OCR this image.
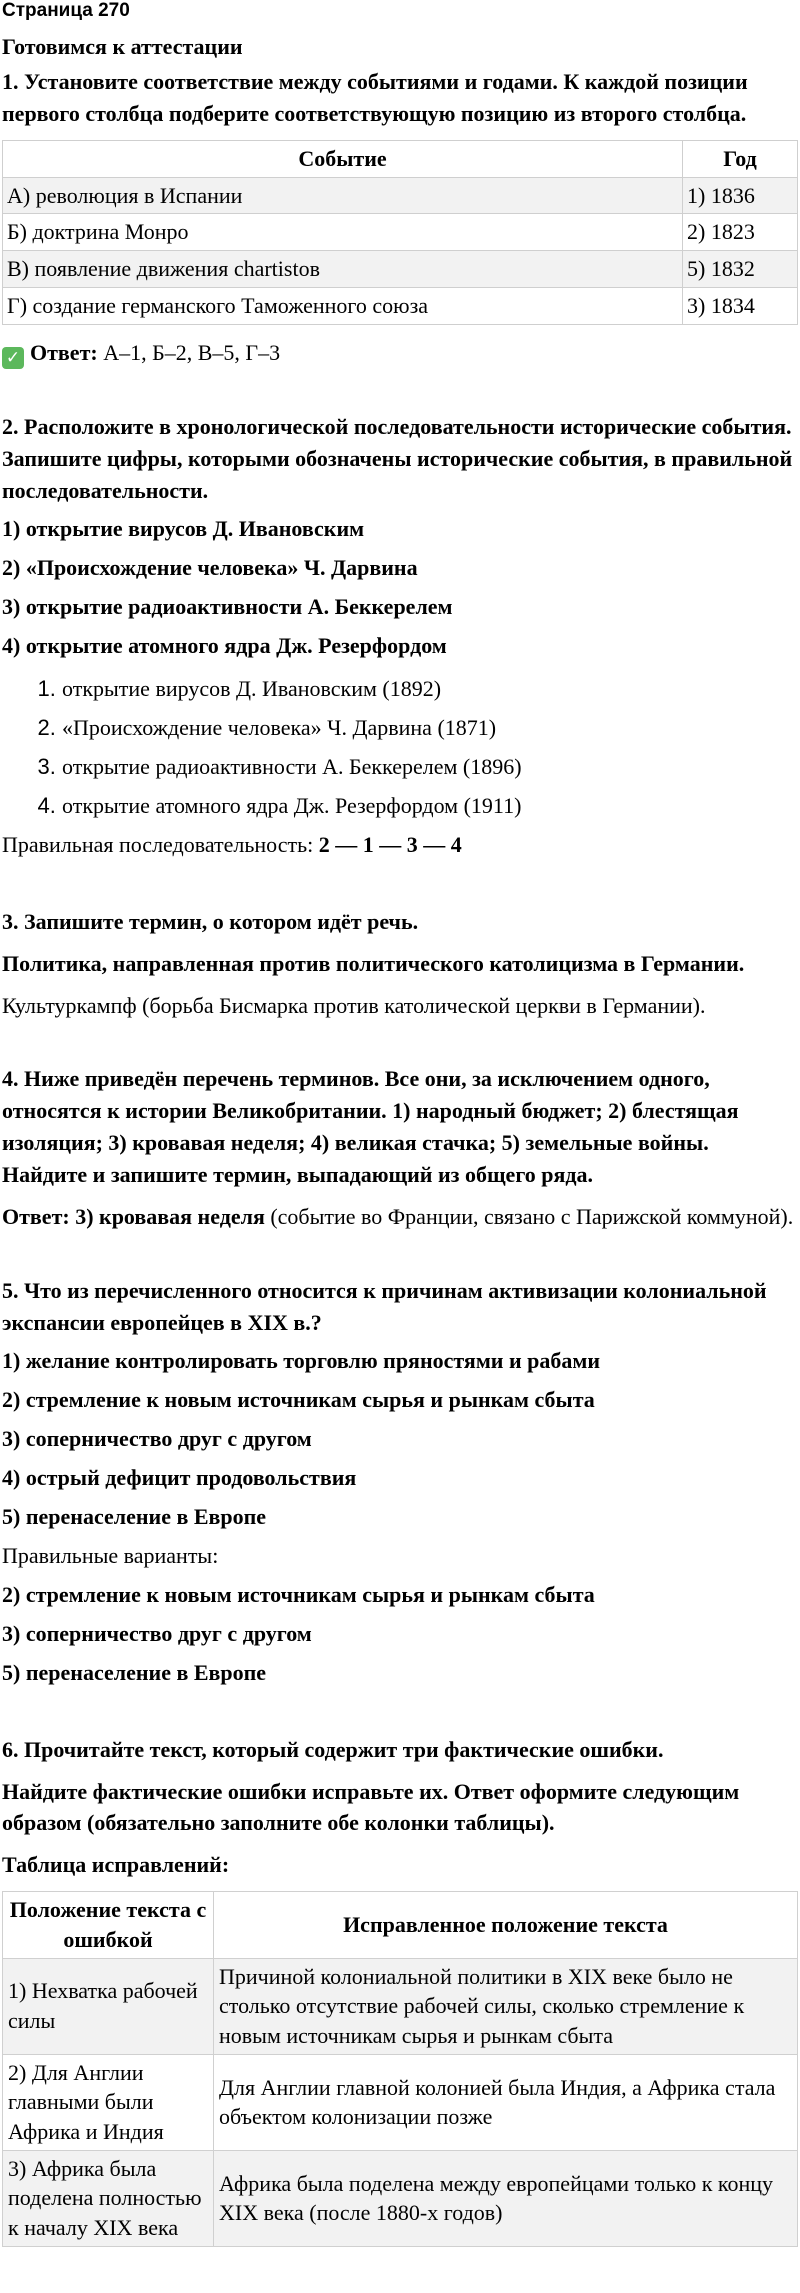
Страница 270

Готовимся к аттестации

1. Установите соответствие между событиями и годами. К каждой позиции первого столбца подберите соответствующую позицию из второго столбца.

Событие	Год
А) революция в Испании	1) 1836
Б) доктрина Монро	2) 1823
В) появление движения chartistов	5) 1832
Г) создание германского Таможенного союза	3) 1834

✓ Ответ: А–1, Б–2, В–5, Г–3

2. Расположите в хронологической последовательности исторические события. Запишите цифры, которыми обозначены исторические события, в правильной последовательности.

1) открытие вирусов Д. Ивановским

2) «Происхождение человека» Ч. Дарвина

3) открытие радиоактивности А. Беккерелем

4) открытие атомного ядра Дж. Резерфордом

1. открытие вирусов Д. Ивановским (1892)
2. «Происхождение человека» Ч. Дарвина (1871)
3. открытие радиоактивности А. Беккерелем (1896)
4. открытие атомного ядра Дж. Резерфордом (1911)

Правильная последовательность: 2 — 1 — 3 — 4

3. Запишите термин, о котором идёт речь.

Политика, направленная против политического католицизма в Германии.

Культуркампф (борьба Бисмарка против католической церкви в Германии).

4. Ниже приведён перечень терминов. Все они, за исключением одного, относятся к истории Великобритании. 1) народный бюджет; 2) блестящая изоляция; 3) кровавая неделя; 4) великая стачка; 5) земельные войны. Найдите и запишите термин, выпадающий из общего ряда.

Ответ: 3) кровавая неделя (событие во Франции, связано с Парижской коммуной).

5. Что из перечисленного относится к причинам активизации колониальной экспансии европейцев в XIX в.?

1) желание контролировать торговлю пряностями и рабами

2) стремление к новым источникам сырья и рынкам сбыта

3) соперничество друг с другом

4) острый дефицит продовольствия

5) перенаселение в Европе

Правильные варианты:

2) стремление к новым источникам сырья и рынкам сбыта

3) соперничество друг с другом

5) перенаселение в Европе

6. Прочитайте текст, который содержит три фактические ошибки.

Найдите фактические ошибки исправьте их. Ответ оформите следующим образом (обязательно заполните обе колонки таблицы).

Таблица исправлений:

Положение текста с ошибкой	Исправленное положение текста
1) Нехватка рабочей силы	Причиной колониальной политики в XIX веке было не столько отсутствие рабочей силы, сколько стремление к новым источникам сырья и рынкам сбыта
2) Для Англии главными были Африка и Индия	Для Англии главной колонией была Индия, а Африка стала объектом колонизации позже
3) Африка была поделена полностью к началу XIX века	Африка была поделена между европейцами только к концу XIX века (после 1880-х годов)
